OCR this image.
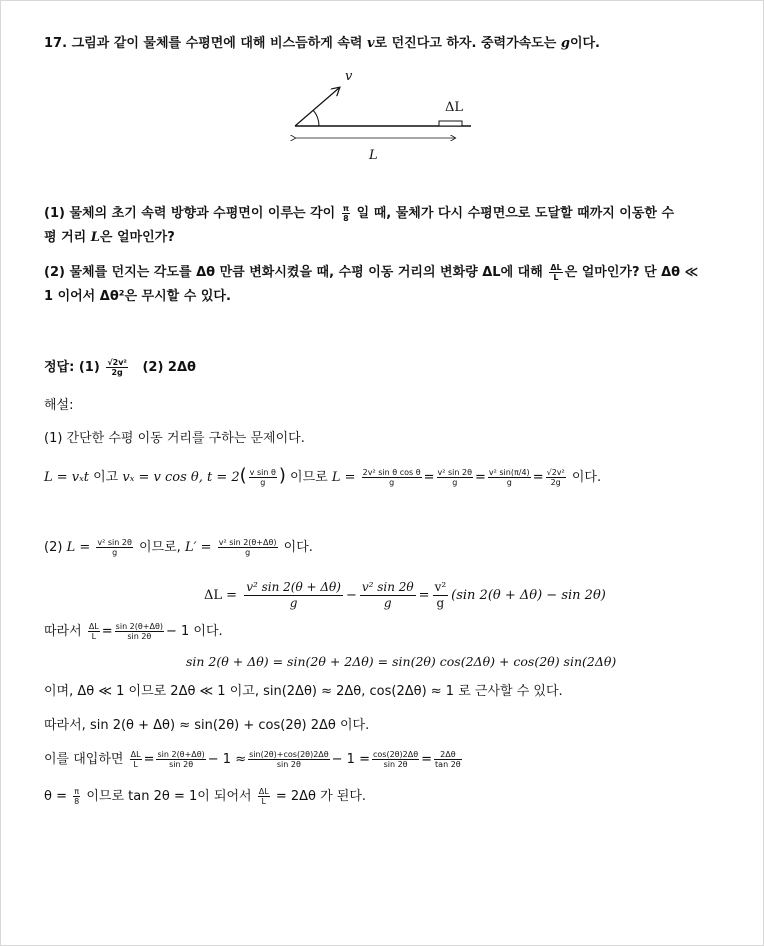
17. 그림과 같이 물체를 수평면에 대해 비스듬하게 속력 v로 던진다고 하자. 중력가속도는 g이다.
v
ΔL
L
(1) 물체의 초기 속력 방향과 수평면이 이루는 각이 $\frac{\pi}{8}$ 일 때, 물체가 다시 수평면으로 도달할 때까지 이동한 수
평 거리 L은 얼마인가?
(2) 물체를 던지는 각도를 Δθ 만큼 변화시켰을 때, 수평 이동 거리의 변화량 ΔL에 대해 $\frac{\Delta L}{L}$ 은 얼마인가? 단 Δθ ≪
1 이어서 Δθ²은 무시할 수 있다.
정답: $(1) \frac{\text{√2v²}}{2g} (2)$ 2Δθ
해설:
(1) 간단한 수평 이동 거리를 구하는 문제이다.
L = vₓt 이고 vₓ = v cos θ, $t = 2( \frac{\text{v sin θ}}{g}$ ) 이므로 $L = \frac{\text{2v² sin θ cos θ}}{g} = \frac{\text{v² sin 2θ}}{g} = \frac{\text{v² sin(π/4)}}{g} = \frac{\text{√2v²}}{2g}$ 이다.
(2) $L = \frac{\text{v² sin 2θ}}{g}$ 이므로, $L' = \frac{\text{v² sin 2(θ+Δθ)}}{g}$ 이다.
$\Delta L = \frac{\text{v² sin 2(θ + Δθ)}}{g} - \frac{\text{v² sin 2θ}}{g} = \frac{\text{v²}}{g} (\sin$ 2(θ + Δθ) − sin 2θ)
따라서 $\frac{\Delta L}{L} = \frac{\sin 2(\theta+\Delta\theta)}{\sin 2\theta} - 1$ 이다.
sin 2(θ + Δθ) = sin(2θ + 2Δθ) = sin(2θ) cos(2Δθ) + cos(2θ) sin(2Δθ)
이며, Δθ ≪ 1 이므로 2Δθ ≪ 1 이고, sin(2Δθ) ≈ 2Δθ, cos(2Δθ) ≈ 1 로 근사할 수 있다.
따라서, sin 2(θ + Δθ) ≈ sin(2θ) + cos(2θ) 2Δθ 이다.
이를 대입하면 $\frac{\Delta L}{L} = \frac{\sin 2(\theta+\Delta\theta)}{\sin 2\theta} - 1 \approx \frac{\sin(2\theta)+\cos(2\theta)2\Delta\theta}{\sin 2\theta} - 1 = \frac{\cos(2\theta)2\Delta\theta}{\sin 2\theta} = \frac{2\Delta\theta}{\tan 2\theta}$
$\theta = \frac{\pi}{8}$ 이므로 tan 2θ = 1이 되어서 $\frac{\Delta L}{L} = 2\Delta\theta$ 가 된다.
